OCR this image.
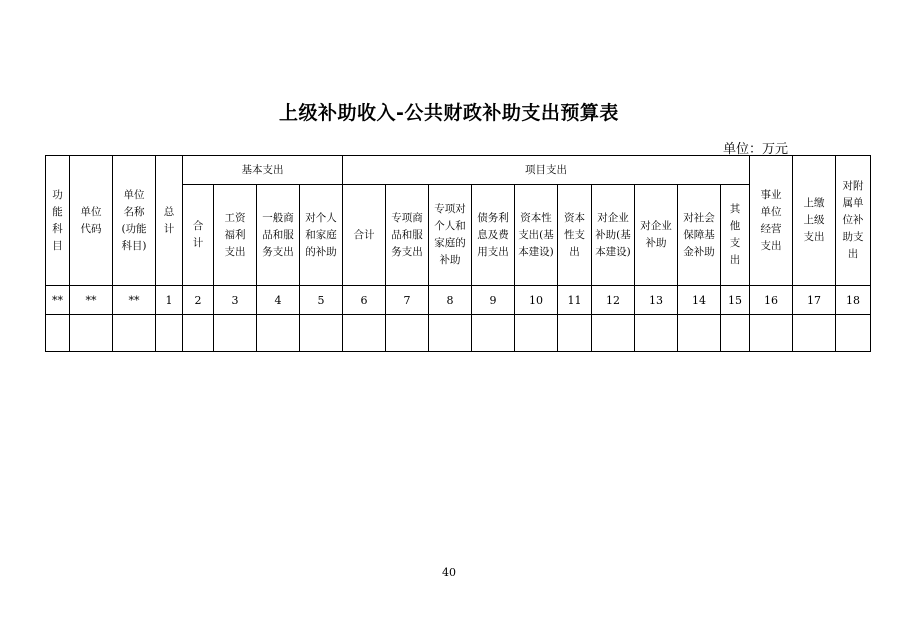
上级补助收入-公共财政补助支出预算表
单位：万元
功能科目	单位代码	单位名称(功能科目)	总计	基本支出				项目支出										事业单位经营支出	上缴上级支出	对附属单位补助支出
				合计	工资福利支出	一般商品和服务支出	对个人和家庭的补助	合计	专项商品和服务支出	专项对个人和家庭的补助	债务利息及费用支出	资本性支出(基本建设)	资本性支出	对企业补助(基本建设)	对企业补助	对社会保障基金补助	其他支出			
**	**	**	1	2	3	4	5	6	7	8	9	10	11	12	13	14	15	16	17	18

40
